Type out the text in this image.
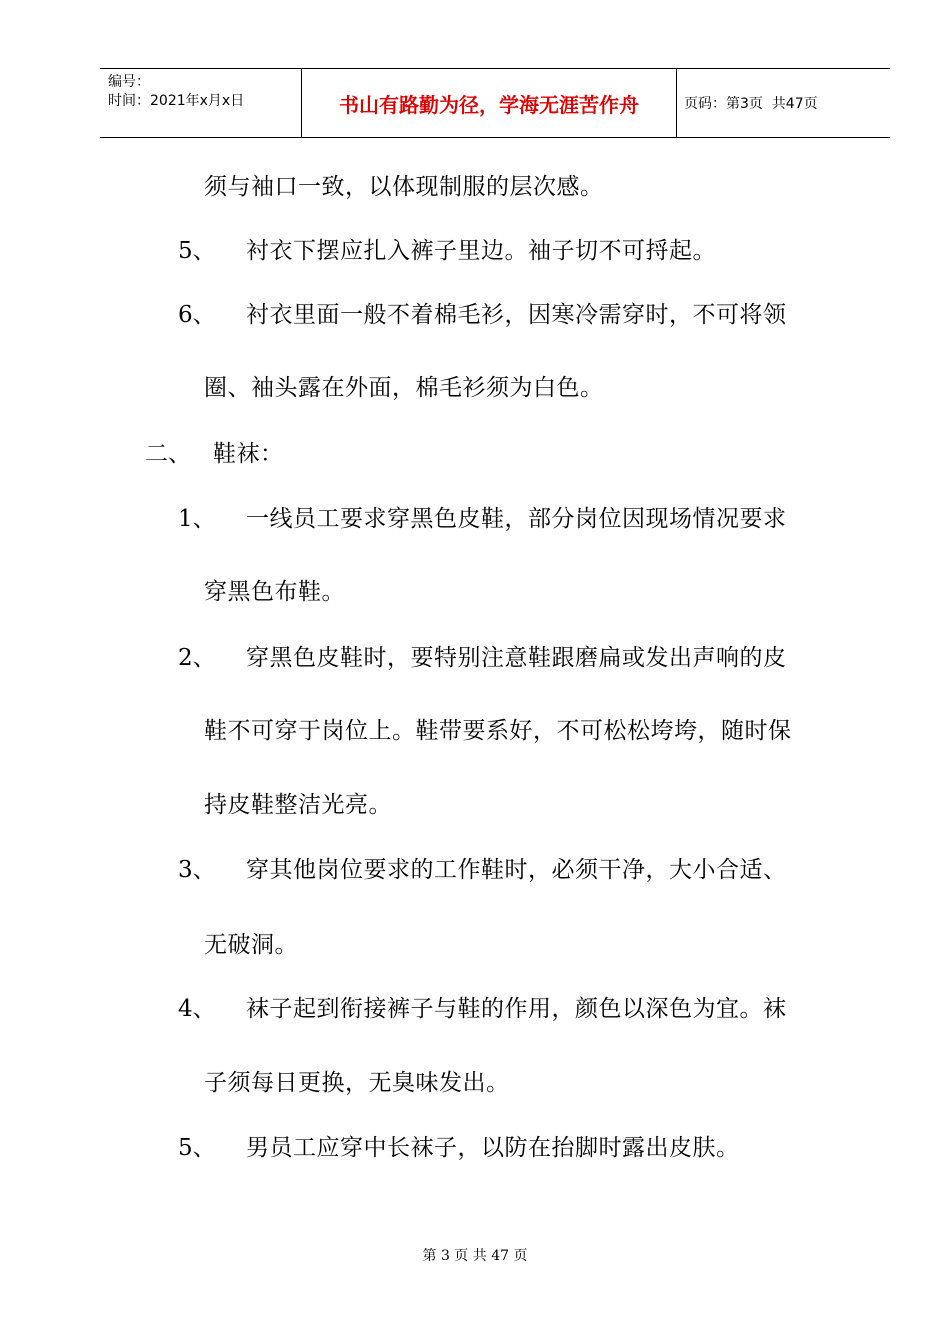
编号：
时间：2021年x月x日	书山有路勤为径，学海无涯苦作舟	页码：第3页  共47页
须与袖口一致，以体现制服的层次感。
5、 衬衣下摆应扎入裤子里边。袖子切不可捋起。
6、 衬衣里面一般不着棉毛衫，因寒冷需穿时，不可将领
圈、袖头露在外面，棉毛衫须为白色。
二、 鞋袜：
1、 一线员工要求穿黑色皮鞋，部分岗位因现场情况要求
穿黑色布鞋。
2、 穿黑色皮鞋时，要特别注意鞋跟磨扁或发出声响的皮
鞋不可穿于岗位上。鞋带要系好，不可松松垮垮，随时保
持皮鞋整洁光亮。
3、 穿其他岗位要求的工作鞋时，必须干净，大小合适、
无破洞。
4、 袜子起到衔接裤子与鞋的作用，颜色以深色为宜。袜
子须每日更换，无臭味发出。
5、 男员工应穿中长袜子，以防在抬脚时露出皮肤。
第 3 页 共 47 页
